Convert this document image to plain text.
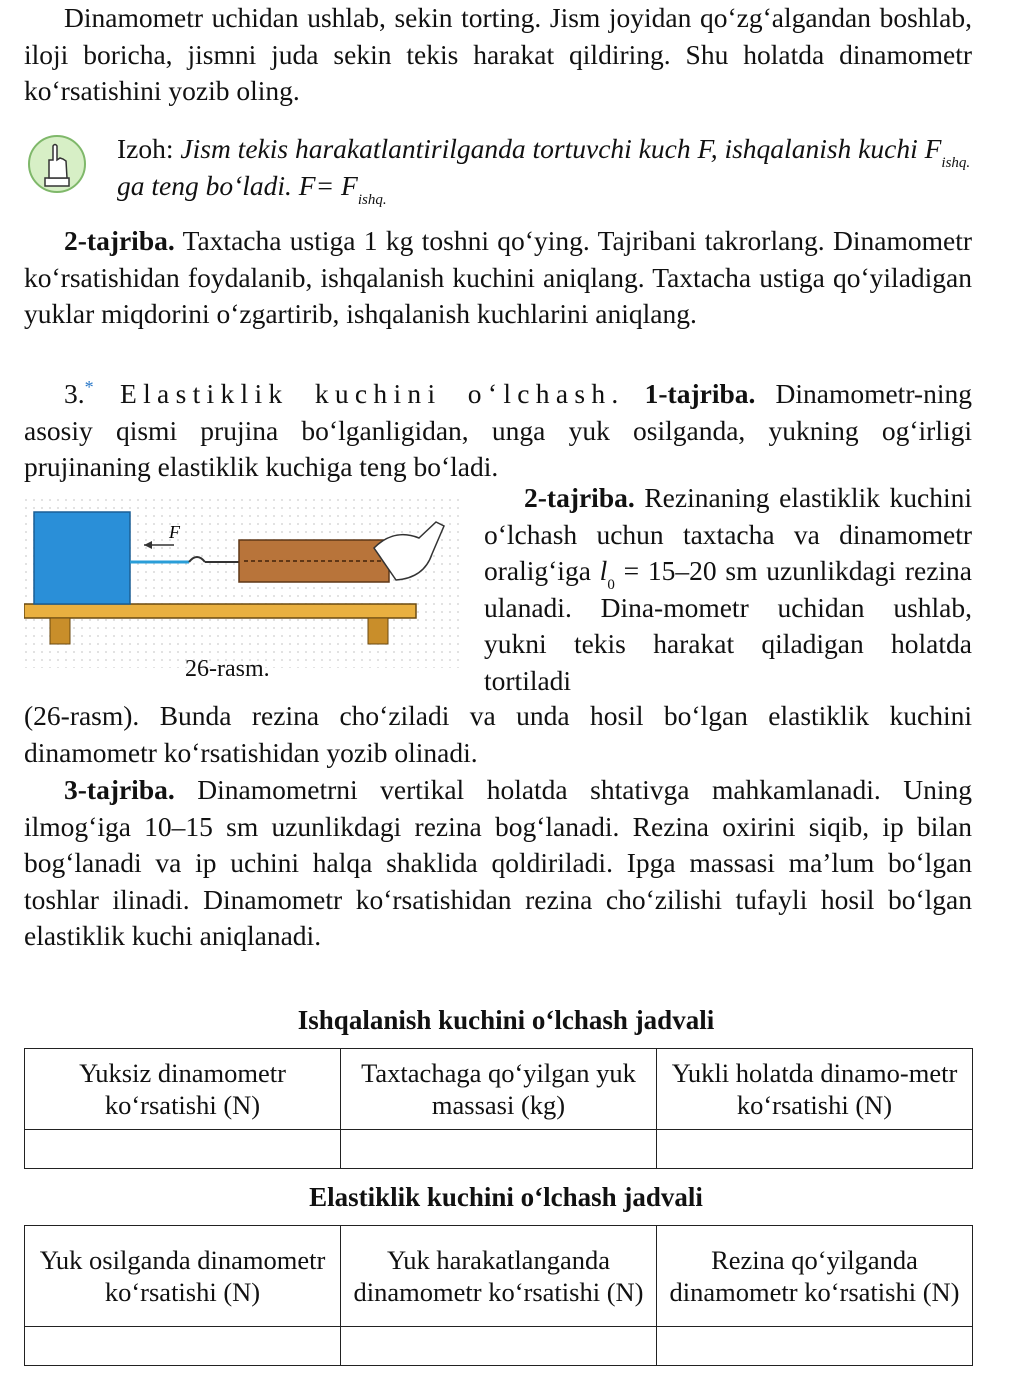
Dinamometr uchidan ushlab, sekin torting. Jism joyidan qo‘zg‘algandan boshlab, iloji boricha, jismni juda sekin tekis harakat qildiring. Shu holatda dinamometr ko‘rsatishini yozib oling.

Izoh: Jism tekis harakatlantirilganda tortuvchi kuch F, ishqalanish kuchi $F_{ishq.}$ ga teng bo‘ladi. $F= F_{ishq.}$

2-tajriba. Taxtacha ustiga 1 kg toshni qo‘ying. Tajribani takrorlang. Dinamometr ko‘rsatishidan foydalanib, ishqalanish kuchini aniqlang. Taxtacha ustiga qo‘yiladigan yuklar miqdorini o‘zgartirib, ishqalanish kuchlarini aniqlang.

3.* Elastiklik kuchini o‘lchash. 1-tajriba. Dinamometr-ning asosiy qismi prujina bo‘lganligidan, unga yuk osilganda, yukning og‘irligi prujinaning elastiklik kuchiga teng bo‘ladi.

F
26-rasm.

2-tajriba. Rezinaning elastiklik kuchini o‘lchash uchun taxtacha va dinamometr oralig‘iga $l_0 = 15-20$ sm uzunlikdagi rezina ulanadi. Dina-mometr uchidan ushlab, yukni tekis harakat qiladigan holatda tortiladi

(26-rasm). Bunda rezina cho‘ziladi va unda hosil bo‘lgan elastiklik kuchini dinamometr ko‘rsatishidan yozib olinadi.

3-tajriba. Dinamometrni vertikal holatda shtativga mahkamlanadi. Uning ilmog‘iga 10–15 sm uzunlikdagi rezina bog‘lanadi. Rezina oxirini siqib, ip bilan bog‘lanadi va ip uchini halqa shaklida qoldiriladi. Ipga massasi ma’lum bo‘lgan toshlar ilinadi. Dinamometr ko‘rsatishidan rezina cho‘zilishi tufayli hosil bo‘lgan elastiklik kuchi aniqlanadi.

Ishqalanish kuchini o‘lchash jadvali
Yuksiz dinamometr ko‘rsatishi (N)	Taxtachaga qo‘yilgan yuk massasi (kg)	Yukli holatda dinamo-metr ko‘rsatishi (N)

Elastiklik kuchini o‘lchash jadvali
Yuk osilganda dinamometr ko‘rsatishi (N)	Yuk harakatlanganda dinamometr ko‘rsatishi (N)	Rezina qo‘yilganda dinamometr ko‘rsatishi (N)
